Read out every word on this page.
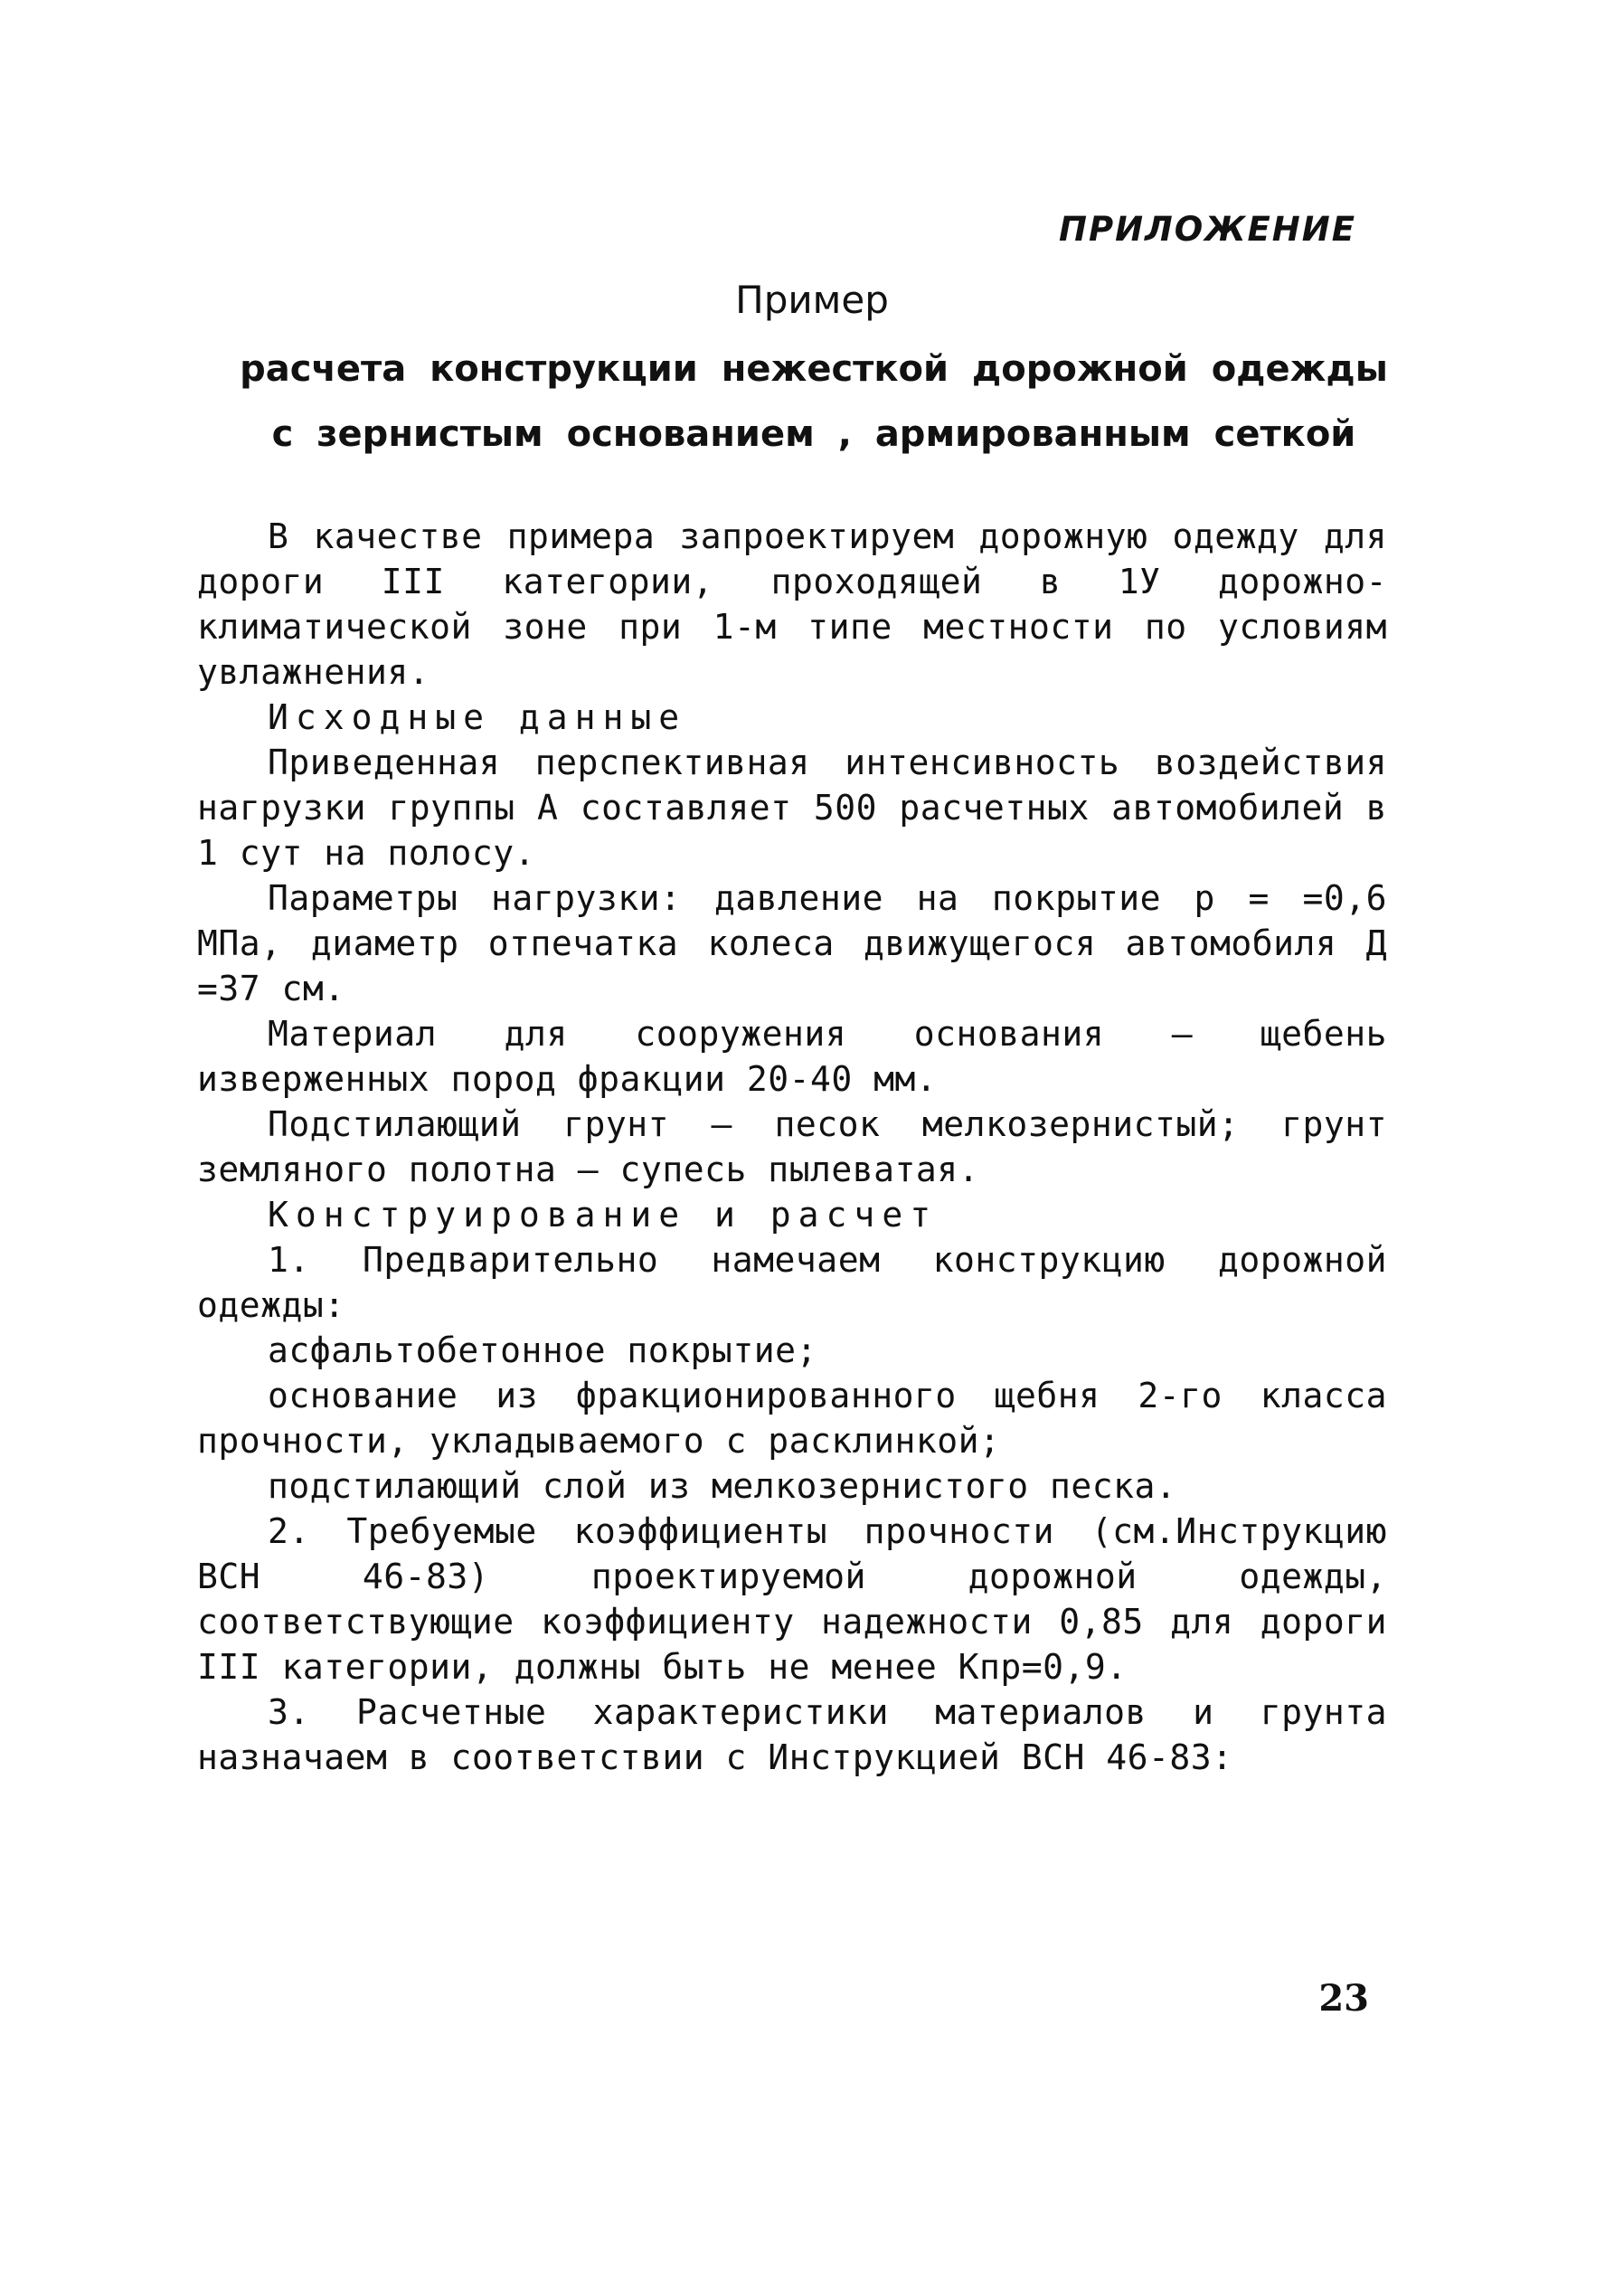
ПРИЛОЖЕНИЕ
Пример
расчета конструкции нежесткой дорожной одежды
с зернистым основанием , армированным сеткой

В качестве примера запроектируем дорожную одежду для дороги III категории, проходящей в 1У дорожно-климатической зоне при 1-м типе местности по условиям увлажнения.

Исходные данные

Приведенная перспективная интенсивность воздействия нагрузки группы А составляет 500 расчетных автомобилей в 1 сут на полосу.

Параметры нагрузки: давление на покрытие р = =0,6 МПа, диаметр отпечатка колеса движущегося автомобиля Д =37 см.

Материал для сооружения основания – щебень изверженных пород фракции 20-40 мм.

Подстилающий грунт – песок мелкозернистый; грунт земляного полотна – супесь пылеватая.

Конструирование и расчет

1. Предварительно намечаем конструкцию дорожной одежды:

асфальтобетонное покрытие;

основание из фракционированного щебня 2-го класса прочности, укладываемого с расклинкой;

подстилающий слой из мелкозернистого песка.

2. Требуемые коэффициенты прочности (см.Инструкцию ВСН 46-83) проектируемой дорожной одежды, соответствующие коэффициенту надежности 0,85 для дороги III категории, должны быть не менее Кпр=0,9.

3. Расчетные характеристики материалов и грунта назначаем в соответствии с Инструкцией ВСН 46-83:

23
